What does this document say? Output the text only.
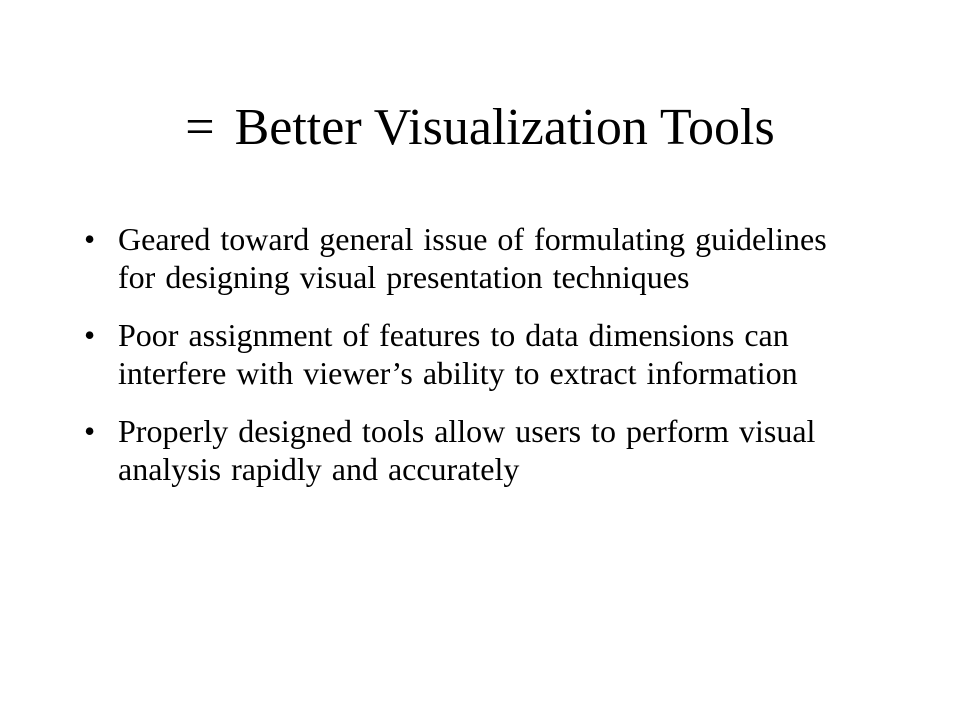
= Better Visualization Tools
• Geared toward general issue of formulating guidelines for designing visual presentation techniques
• Poor assignment of features to data dimensions can interfere with viewer’s ability to extract information
• Properly designed tools allow users to perform visual analysis rapidly and accurately
